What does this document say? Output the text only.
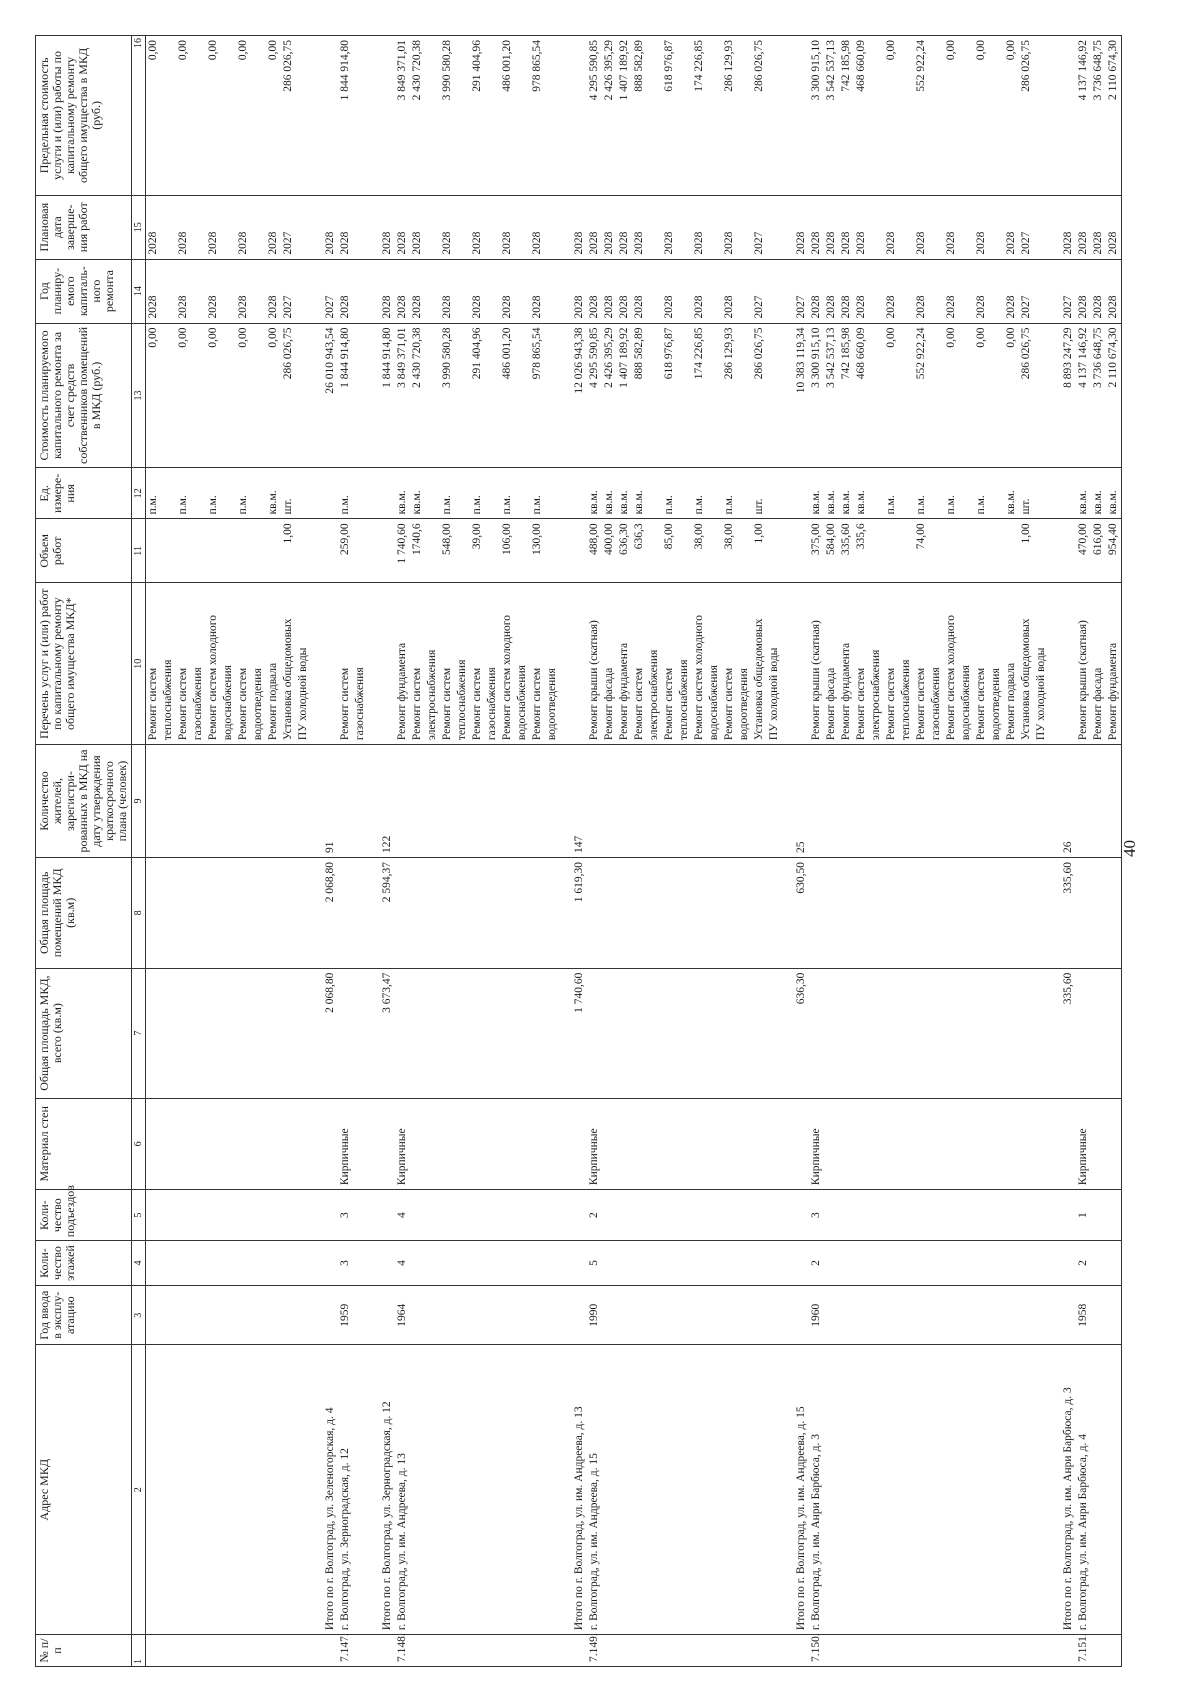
40
№ п/п	Адрес МКД	Год ввода в эксплу-атацию	Коли-чество этажей	Коли-чество подъездов	Материал стен	Общая площадь МКД, всего (кв.м)	Общая площадь помещений МКД (кв.м)	Количество жителей, зарегистри-рованных в МКД на дату утверждения краткосрочного плана (человек)	Перечень услуг и (или) работ по капитальному ремонту общего имущества МКД*	Объем работ	Ед. измере-ния	Стоимость планируемого капитального ремонта за счет средств собственников помещений в МКД (руб.)	Год планиру-емого капиталь-ного ремонта	Плановая дата заверше-ния работ	Предельная стоимость услуги и (или) работы по капитальному ремонту общего имущества в МКД (руб.)
1	2	3	4	5	6	7	8	9	10	11	12	13	14	15	16
									Ремонт систем		п.м.	0,00	2028	2028	0,00
									теплоснабжения						
									Ремонт систем		п.м.	0,00	2028	2028	0,00
									газоснабжения						
									Ремонт систем холодного		п.м.	0,00	2028	2028	0,00
									водоснабжения						
									Ремонт систем		п.м.	0,00	2028	2028	0,00
									водоотведения						
									Ремонт подвала		кв.м.	0,00	2028	2028	0,00
									Установка общедомовых	1,00	шт.	286 026,75	2027	2027	286 026,75
									ПУ холодной воды						
	Итого по г. Волгоград, ул. Зеленогорская, д. 4					2 068,80	2 068,80	91				26 010 943,54	2027	2028	
7.147.	г. Волгоград, ул. Зерноградская, д. 12	1959	3	3	Кирпичные				Ремонт систем	259,00	п.м.	1 844 914,80	2028	2028	1 844 914,80
									газоснабжения						
	Итого по г. Волгоград, ул. Зерноградская, д. 12					3 673,47	2 594,37	122				1 844 914,80	2028	2028	
7.148.	г. Волгоград, ул. им. Андреева, д. 13	1964	4	4	Кирпичные				Ремонт фундамента	1 740,60	кв.м.	3 849 371,01	2028	2028	3 849 371,01
									Ремонт систем	1740,6	кв.м.	2 430 720,38	2028	2028	2 430 720,38
									электроснабжения						
									Ремонт систем	548,00	п.м.	3 990 580,28	2028	2028	3 990 580,28
									теплоснабжения						
									Ремонт систем	39,00	п.м.	291 404,96	2028	2028	291 404,96
									газоснабжения						
									Ремонт систем холодного	106,00	п.м.	486 001,20	2028	2028	486 001,20
									водоснабжения						
									Ремонт систем	130,00	п.м.	978 865,54	2028	2028	978 865,54
									водоотведения						
	Итого по г. Волгоград, ул. им. Андреева, д. 13					1 740,60	1 619,30	147				12 026 943,38	2028	2028	
7.149.	г. Волгоград, ул. им. Андреева, д. 15	1990	5	2	Кирпичные				Ремонт крыши (скатная)	488,00	кв.м.	4 295 590,85	2028	2028	4 295 590,85
									Ремонт фасада	400,00	кв.м.	2 426 395,29	2028	2028	2 426 395,29
									Ремонт фундамента	636,30	кв.м.	1 407 189,92	2028	2028	1 407 189,92
									Ремонт систем	636,3	кв.м.	888 582,89	2028	2028	888 582,89
									электроснабжения						
									Ремонт систем	85,00	п.м.	618 976,87	2028	2028	618 976,87
									теплоснабжения						
									Ремонт систем холодного	38,00	п.м.	174 226,85	2028	2028	174 226,85
									водоснабжения						
									Ремонт систем	38,00	п.м.	286 129,93	2028	2028	286 129,93
									водоотведения						
									Установка общедомовых	1,00	шт.	286 026,75	2027	2027	286 026,75
									ПУ холодной воды						
	Итого по г. Волгоград, ул. им. Андреева, д. 15					636,30	630,50	25				10 383 119,34	2027	2028	
7.150.	г. Волгоград, ул. им. Анри Барбюса, д. 3	1960	2	3	Кирпичные				Ремонт крыши (скатная)	375,00	кв.м.	3 300 915,10	2028	2028	3 300 915,10
									Ремонт фасада	584,00	кв.м.	3 542 537,13	2028	2028	3 542 537,13
									Ремонт фундамента	335,60	кв.м.	742 185,98	2028	2028	742 185,98
									Ремонт систем	335,6	кв.м.	468 660,09	2028	2028	468 660,09
									электроснабжения						
									Ремонт систем		п.м.	0,00	2028	2028	0,00
									теплоснабжения						
									Ремонт систем	74,00	п.м.	552 922,24	2028	2028	552 922,24
									газоснабжения						
									Ремонт систем холодного		п.м.	0,00	2028	2028	0,00
									водоснабжения						
									Ремонт систем		п.м.	0,00	2028	2028	0,00
									водоотведения						
									Ремонт подвала		кв.м.	0,00	2028	2028	0,00
									Установка общедомовых	1,00	шт.	286 026,75	2027	2027	286 026,75
									ПУ холодной воды						
	Итого по г. Волгоград, ул. им. Анри Барбюса, д. 3					335,60	335,60	26				8 893 247,29	2027	2028	
7.151.	г. Волгоград, ул. им. Анри Барбюса, д. 4	1958	2	1	Кирпичные				Ремонт крыши (скатная)	470,00	кв.м.	4 137 146,92	2028	2028	4 137 146,92
									Ремонт фасада	616,00	кв.м.	3 736 648,75	2028	2028	3 736 648,75
									Ремонт фундамента	954,40	кв.м.	2 110 674,30	2028	2028	2 110 674,30
